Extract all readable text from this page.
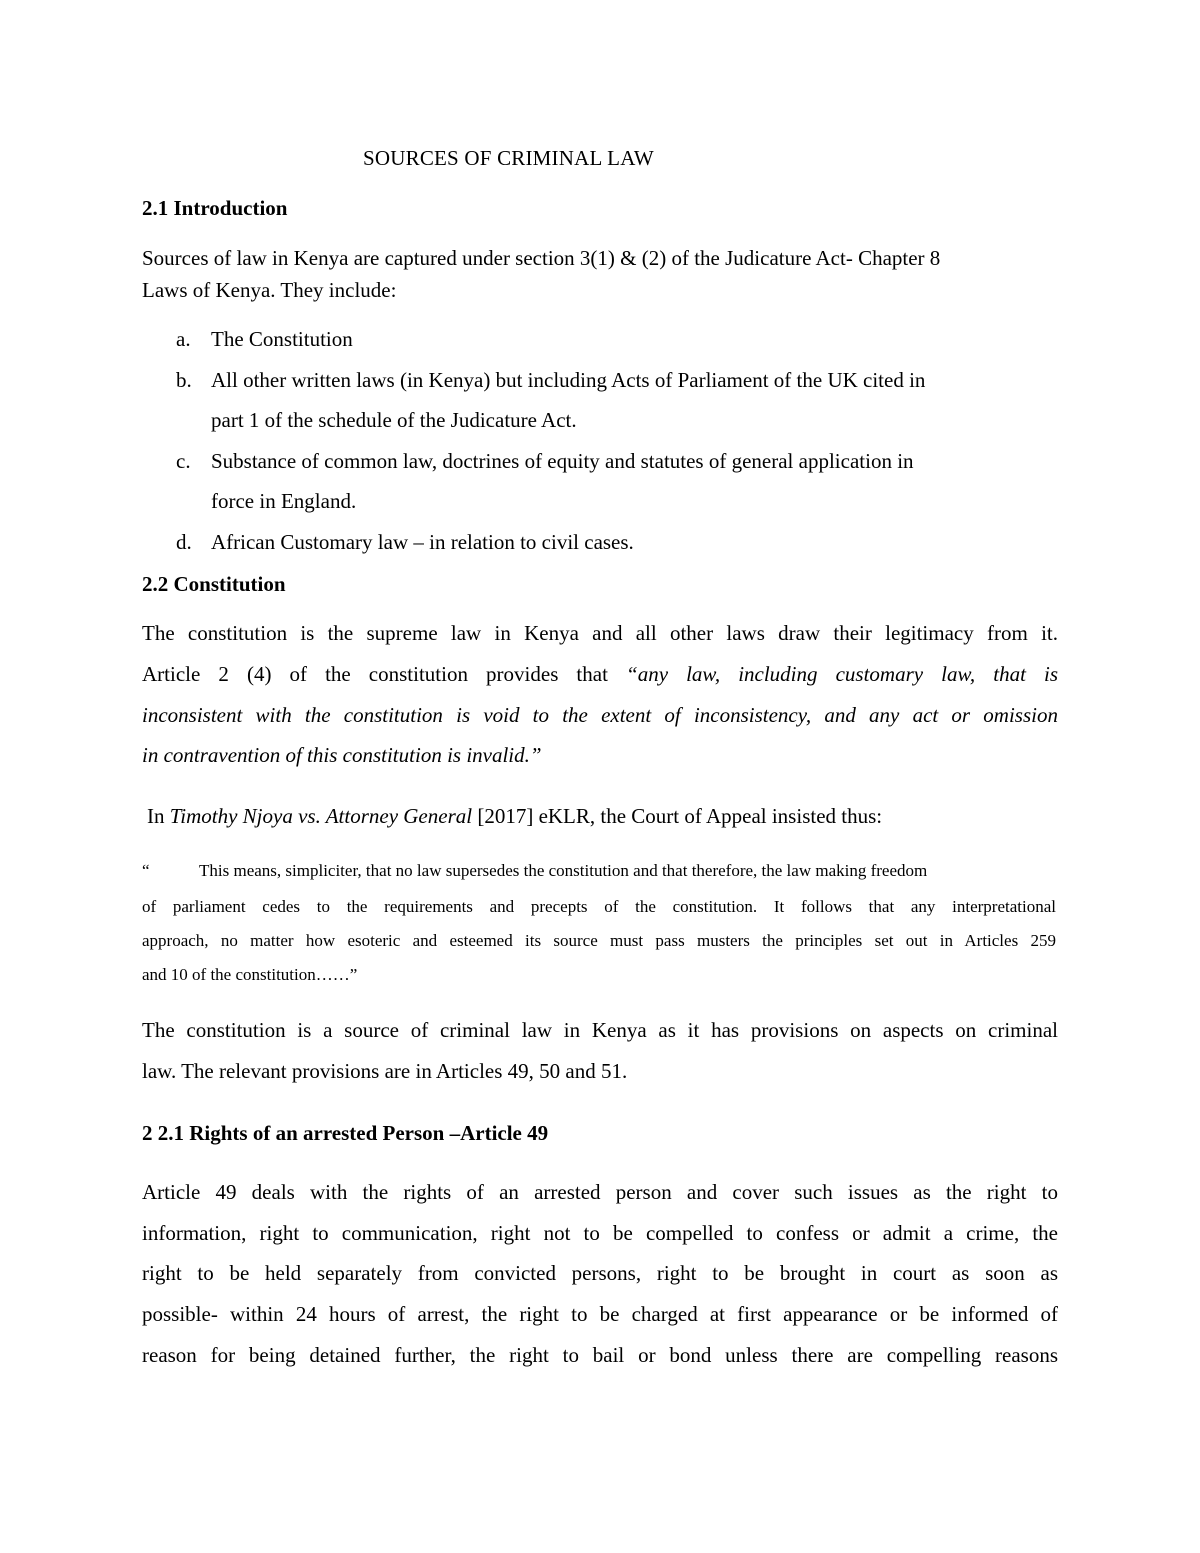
SOURCES OF CRIMINAL LAW

2.1 Introduction

Sources of law in Kenya are captured under section 3(1) & (2) of the Judicature Act- Chapter 8

Laws of Kenya. They include:

a. The Constitution

b. All other written laws (in Kenya) but including Acts of Parliament of the UK cited in

part 1 of the schedule of the Judicature Act.

c. Substance of common law, doctrines of equity and statutes of general application in

force in England.

d. African Customary law – in relation to civil cases.

2.2 Constitution

The constitution is the supreme law in Kenya and all other laws draw their legitimacy from it.

Article 2 (4) of the constitution provides that “any law, including customary law, that is

inconsistent with the constitution is void to the extent of inconsistency, and any act or omission

in contravention of this constitution is invalid.”

In Timothy Njoya vs. Attorney General [2017] eKLR, the Court of Appeal insisted thus:

“	This means, simpliciter, that no law supersedes the constitution and that therefore, the law making freedom

of parliament cedes to the requirements and precepts of the constitution. It follows that any interpretational

approach, no matter how esoteric and esteemed its source must pass musters the principles set out in Articles 259

and 10 of the constitution……”

The constitution is a source of criminal law in Kenya as it has provisions on aspects on criminal

law. The relevant provisions are in Articles 49, 50 and 51.

2 2.1 Rights of an arrested Person –Article 49

Article 49 deals with the rights of an arrested person and cover such issues as the right to

information, right to communication, right not to be compelled to confess or admit a crime, the

right to be held separately from convicted persons, right to be brought in court as soon as

possible- within 24 hours of arrest, the right to be charged at first appearance or be informed of

reason for being detained further, the right to bail or bond unless there are compelling reasons
